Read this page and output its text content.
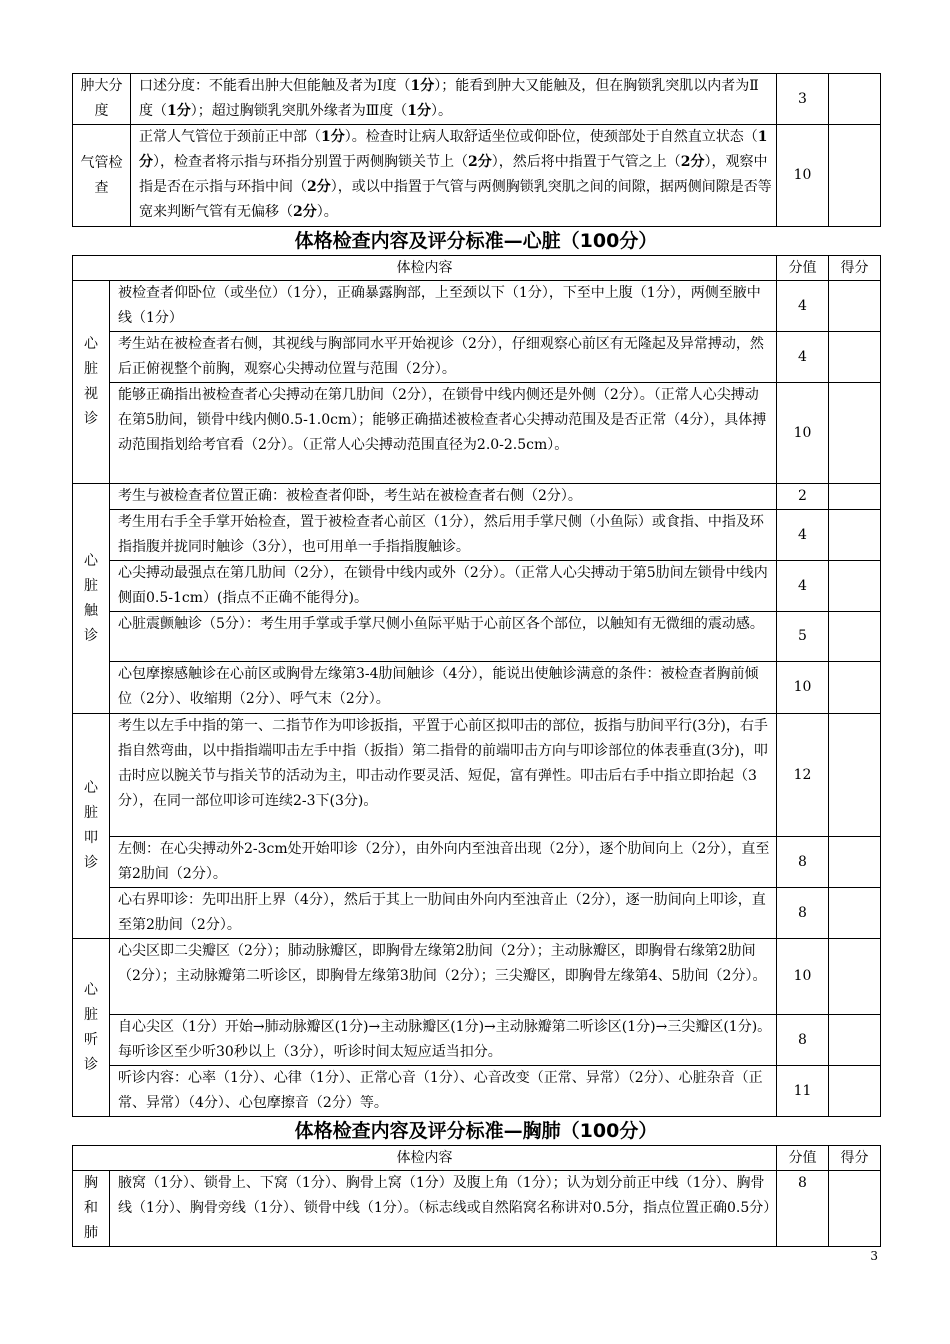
肿大分度	口述分度：不能看出肿大但能触及者为Ⅰ度（1分）；能看到肿大又能触及，但在胸锁乳突肌以内者为Ⅱ度（1分）；超过胸锁乳突肌外缘者为Ⅲ度（1分）。	3	
气管检查	正常人气管位于颈前正中部（1分）。检查时让病人取舒适坐位或仰卧位，使颈部处于自然直立状态（1分），检查者将示指与环指分别置于两侧胸锁关节上（2分），然后将中指置于气管之上（2分），观察中指是否在示指与环指中间（2分），或以中指置于气管与两侧胸锁乳突肌之间的间隙，据两侧间隙是否等宽来判断气管有无偏移（2分）。	10	
体格检查内容及评分标准—心脏（100分）
体检内容		分值	得分
心
脏
视
诊	被检查者仰卧位（或坐位）（1分），正确暴露胸部，上至颈以下（1分），下至中上腹（1分），两侧至腋中线（1分）	4	
	考生站在被检查者右侧，其视线与胸部同水平开始视诊（2分），仔细观察心前区有无隆起及异常搏动，然后正俯视整个前胸，观察心尖搏动位置与范围（2分）。	4	
	能够正确指出被检查者心尖搏动在第几肋间（2分），在锁骨中线内侧还是外侧（2分）。（正常人心尖搏动在第5肋间，锁骨中线内侧0.5-1.0cm）；能够正确描述被检查者心尖搏动范围及是否正常（4分），具体搏动范围指划给考官看（2分）。（正常人心尖搏动范围直径为2.0-2.5cm）。	10	
心
脏
触
诊	考生与被检查者位置正确：被检查者仰卧，考生站在被检查者右侧（2分）。	2	
	考生用右手全手掌开始检查，置于被检查者心前区（1分），然后用手掌尺侧（小鱼际）或食指、中指及环指指腹并拢同时触诊（3分），也可用单一手指指腹触诊。	4	
	心尖搏动最强点在第几肋间（2分），在锁骨中线内或外（2分）。（正常人心尖搏动于第5肋间左锁骨中线内侧面0.5-1cm）(指点不正确不能得分)。	4	
	心脏震颤触诊（5分）：考生用手掌或手掌尺侧小鱼际平贴于心前区各个部位，以触知有无微细的震动感。	5	
	心包摩擦感触诊在心前区或胸骨左缘第3-4肋间触诊（4分），能说出使触诊满意的条件：被检查者胸前倾位（2分）、收缩期（2分）、呼气末（2分）。	10	
心
脏
叩
诊	考生以左手中指的第一、二指节作为叩诊扳指，平置于心前区拟叩击的部位，扳指与肋间平行(3分)，右手指自然弯曲，以中指指端叩击左手中指（扳指）第二指骨的前端叩击方向与叩诊部位的体表垂直(3分)，叩击时应以腕关节与指关节的活动为主，叩击动作要灵活、短促，富有弹性。叩击后右手中指立即抬起（3分），在同一部位叩诊可连续2-3下(3分)。	12	
	左侧：在心尖搏动外2-3cm处开始叩诊（2分），由外向内至浊音出现（2分），逐个肋间向上（2分），直至第2肋间（2分）。	8	
	心右界叩诊：先叩出肝上界（4分），然后于其上一肋间由外向内至浊音止（2分），逐一肋间向上叩诊，直至第2肋间（2分）。	8	
心
脏
听
诊	心尖区即二尖瓣区（2分）；肺动脉瓣区，即胸骨左缘第2肋间（2分）；主动脉瓣区，即胸骨右缘第2肋间（2分）；主动脉瓣第二听诊区，即胸骨左缘第3肋间（2分）；三尖瓣区，即胸骨左缘第4、5肋间（2分）。	10	
	自心尖区（1分）开始→肺动脉瓣区(1分)→主动脉瓣区(1分)→主动脉瓣第二听诊区(1分)→三尖瓣区(1分)。每听诊区至少听30秒以上（3分），听诊时间太短应适当扣分。	8	
	听诊内容：心率（1分）、心律（1分）、正常心音（1分）、心音改变（正常、异常）（2分）、心脏杂音（正常、异常）（4分）、心包摩擦音（2分）等。	11	
体格检查内容及评分标准—胸肺（100分）
体检内容		分值	得分
胸和肺	腋窝（1分）、锁骨上、下窝（1分）、胸骨上窝（1分）及腹上角（1分）；认为划分前正中线（1分）、胸骨线（1分）、胸骨旁线（1分）、锁骨中线（1分）。（标志线或自然陷窝名称讲对0.5分，指点位置正确0.5分）	8	
3
